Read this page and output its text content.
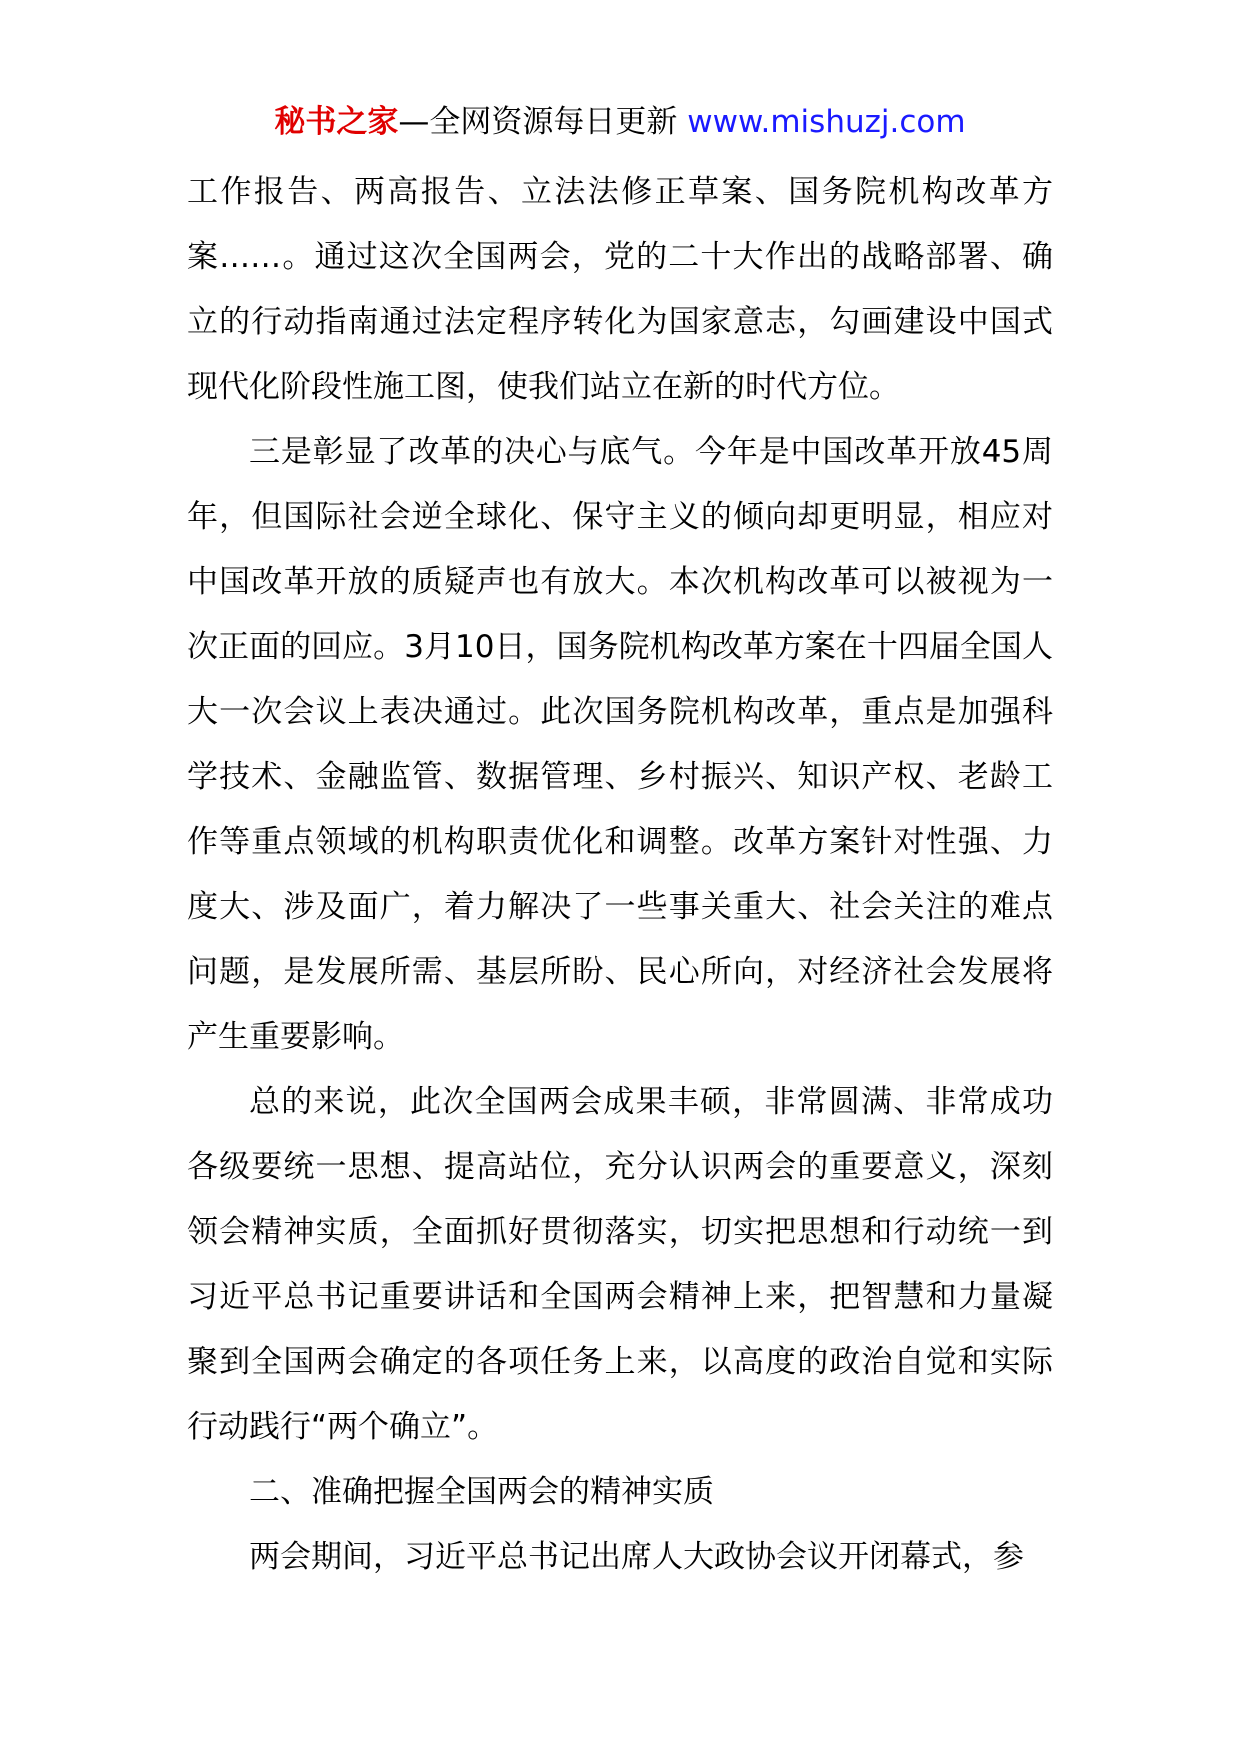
秘书之家—全网资源每日更新 www.mishuzj.com

工作报告、两高报告、立法法修正草案、国务院机构改革方案……。通过这次全国两会，党的二十大作出的战略部署、确立的行动指南通过法定程序转化为国家意志，勾画建设中国式现代化阶段性施工图，使我们站立在新的时代方位。

三是彰显了改革的决心与底气。今年是中国改革开放45周年，但国际社会逆全球化、保守主义的倾向却更明显，相应对中国改革开放的质疑声也有放大。本次机构改革可以被视为一次正面的回应。3月10日，国务院机构改革方案在十四届全国人大一次会议上表决通过。此次国务院机构改革，重点是加强科学技术、金融监管、数据管理、乡村振兴、知识产权、老龄工作等重点领域的机构职责优化和调整。改革方案针对性强、力度大、涉及面广，着力解决了一些事关重大、社会关注的难点问题，是发展所需、基层所盼、民心所向，对经济社会发展将产生重要影响。

总的来说，此次全国两会成果丰硕，非常圆满、非常成功各级要统一思想、提高站位，充分认识两会的重要意义，深刻领会精神实质，全面抓好贯彻落实，切实把思想和行动统一到习近平总书记重要讲话和全国两会精神上来，把智慧和力量凝聚到全国两会确定的各项任务上来，以高度的政治自觉和实际行动践行“两个确立”。

二、准确把握全国两会的精神实质

两会期间，习近平总书记出席人大政协会议开闭幕式，参
